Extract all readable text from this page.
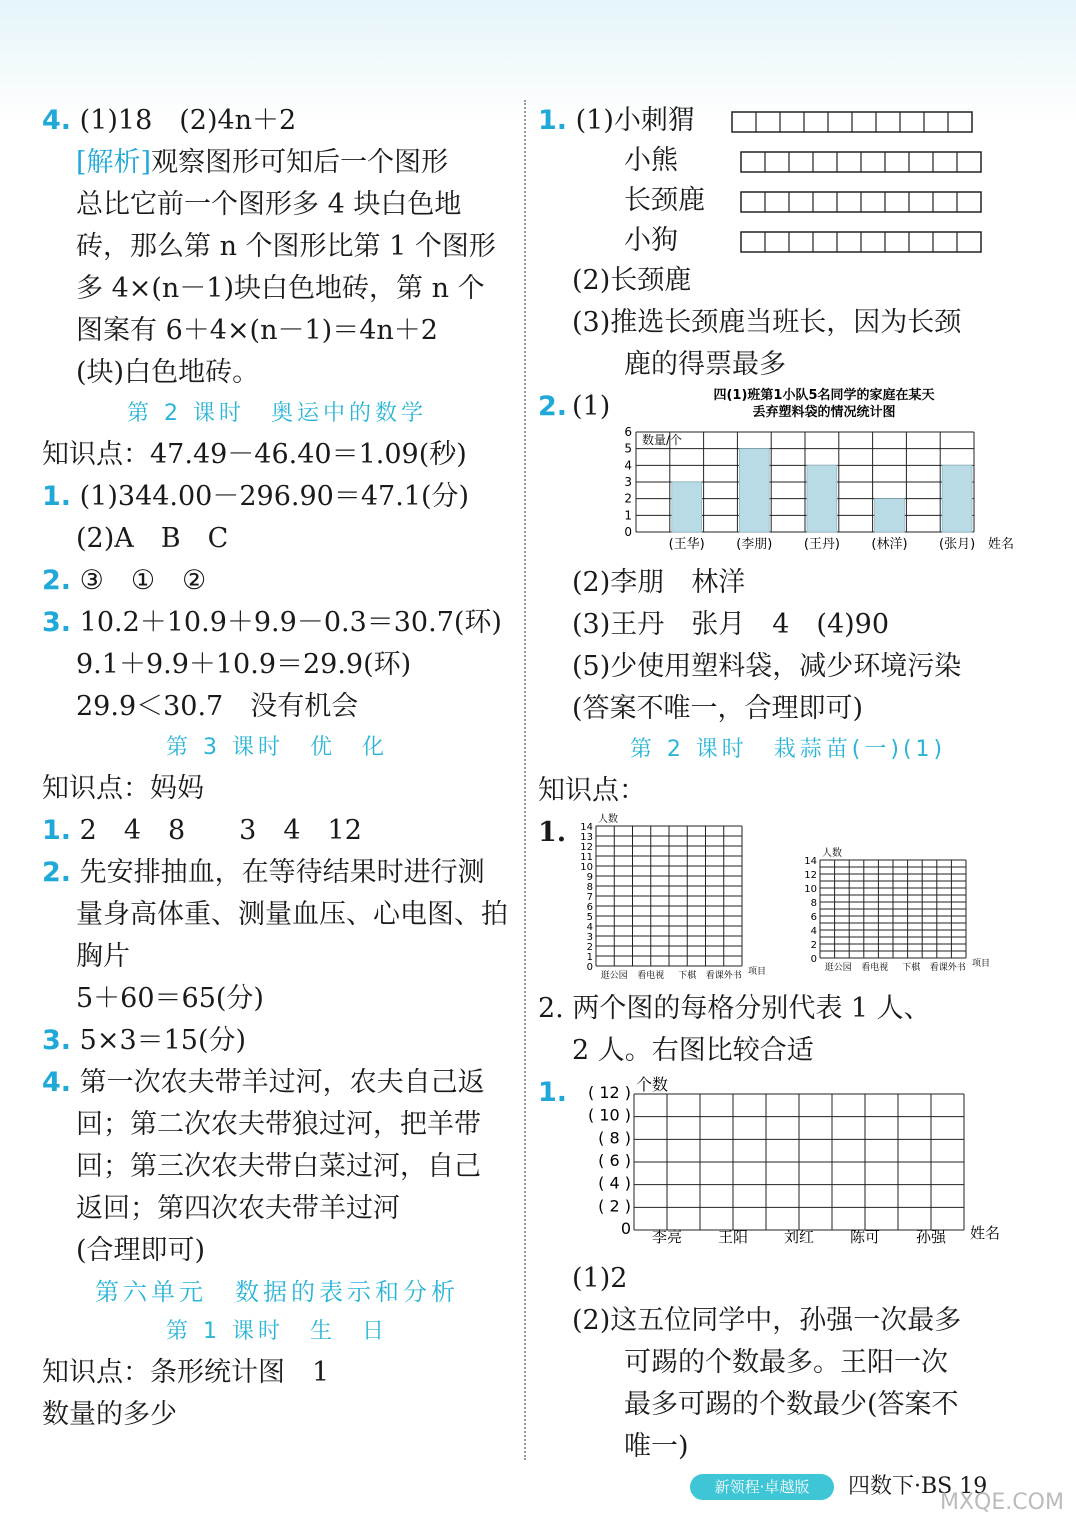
4. (1)18　(2)4n＋2
[解析]观察图形可知后一个图形
总比它前一个图形多 4 块白色地
砖，那么第 n 个图形比第 1 个图形
多 4×(n－1)块白色地砖，第 n 个
图案有 6＋4×(n－1)＝4n＋2
(块)白色地砖。
第 2 课时　奥运中的数学
知识点：47.49－46.40＝1.09(秒)
1. (1)344.00－296.90＝47.1(分)
(2)A　B　C
2. ③　①　②
3. 10.2＋10.9＋9.9－0.3＝30.7(环)
9.1＋9.9＋10.9＝29.9(环)
29.9＜30.7　没有机会
第 3 课时　优　化
知识点：妈妈
1. 2　4　8　　3　4　12
2. 先安排抽血，在等待结果时进行测
量身高体重、测量血压、心电图、拍
胸片
5＋60＝65(分)
3. 5×3＝15(分)
4. 第一次农夫带羊过河，农夫自己返
回；第二次农夫带狼过河，把羊带
回；第三次农夫带白菜过河，自己
返回；第四次农夫带羊过河
(合理即可)
第六单元　数据的表示和分析
第 1 课时　生　日
知识点：条形统计图　1
数量的多少
1. (1)小刺猬
小熊
长颈鹿
小狗
(2)长颈鹿
(3)推选长颈鹿当班长，因为长颈
鹿的得票最多
2. (1)	四(1)班第1小队5名同学的家庭在某天
丢弃塑料袋的情况统计图
0
1
2
3
4
5
6
数量/个
(王华) (李朋) (王丹) (林洋) (张月) 姓名
(2)李朋　林洋
(3)王丹　张月　4　(4)90
(5)少使用塑料袋，减少环境污染
(答案不唯一，合理即可)
第 2 课时　栽蒜苗(一)(1)
知识点：
1.
0
1
2
3
4
5
6
7
8
9
10
11
12
13
14
人数
逛公园 看电视 下棋 看课外书 项目
0
2
4
6
8
10
12
14
人数
逛公园 看电视 下棋 看课外书 项目
2. 两个图的每格分别代表 1 人、
2 人。右图比较合适
1.
0
( 2 )
( 4 )
( 6 )
( 8 )
( 10 )
( 12 ) 个数
李亮 王阳 刘红 陈可 孙强 姓名
(1)2
(2)这五位同学中，孙强一次最多
可踢的个数最多。王阳一次
最多可踢的个数最少(答案不
唯一)
新领程·卓越版	四数下·BS 19
MXQE.COM
